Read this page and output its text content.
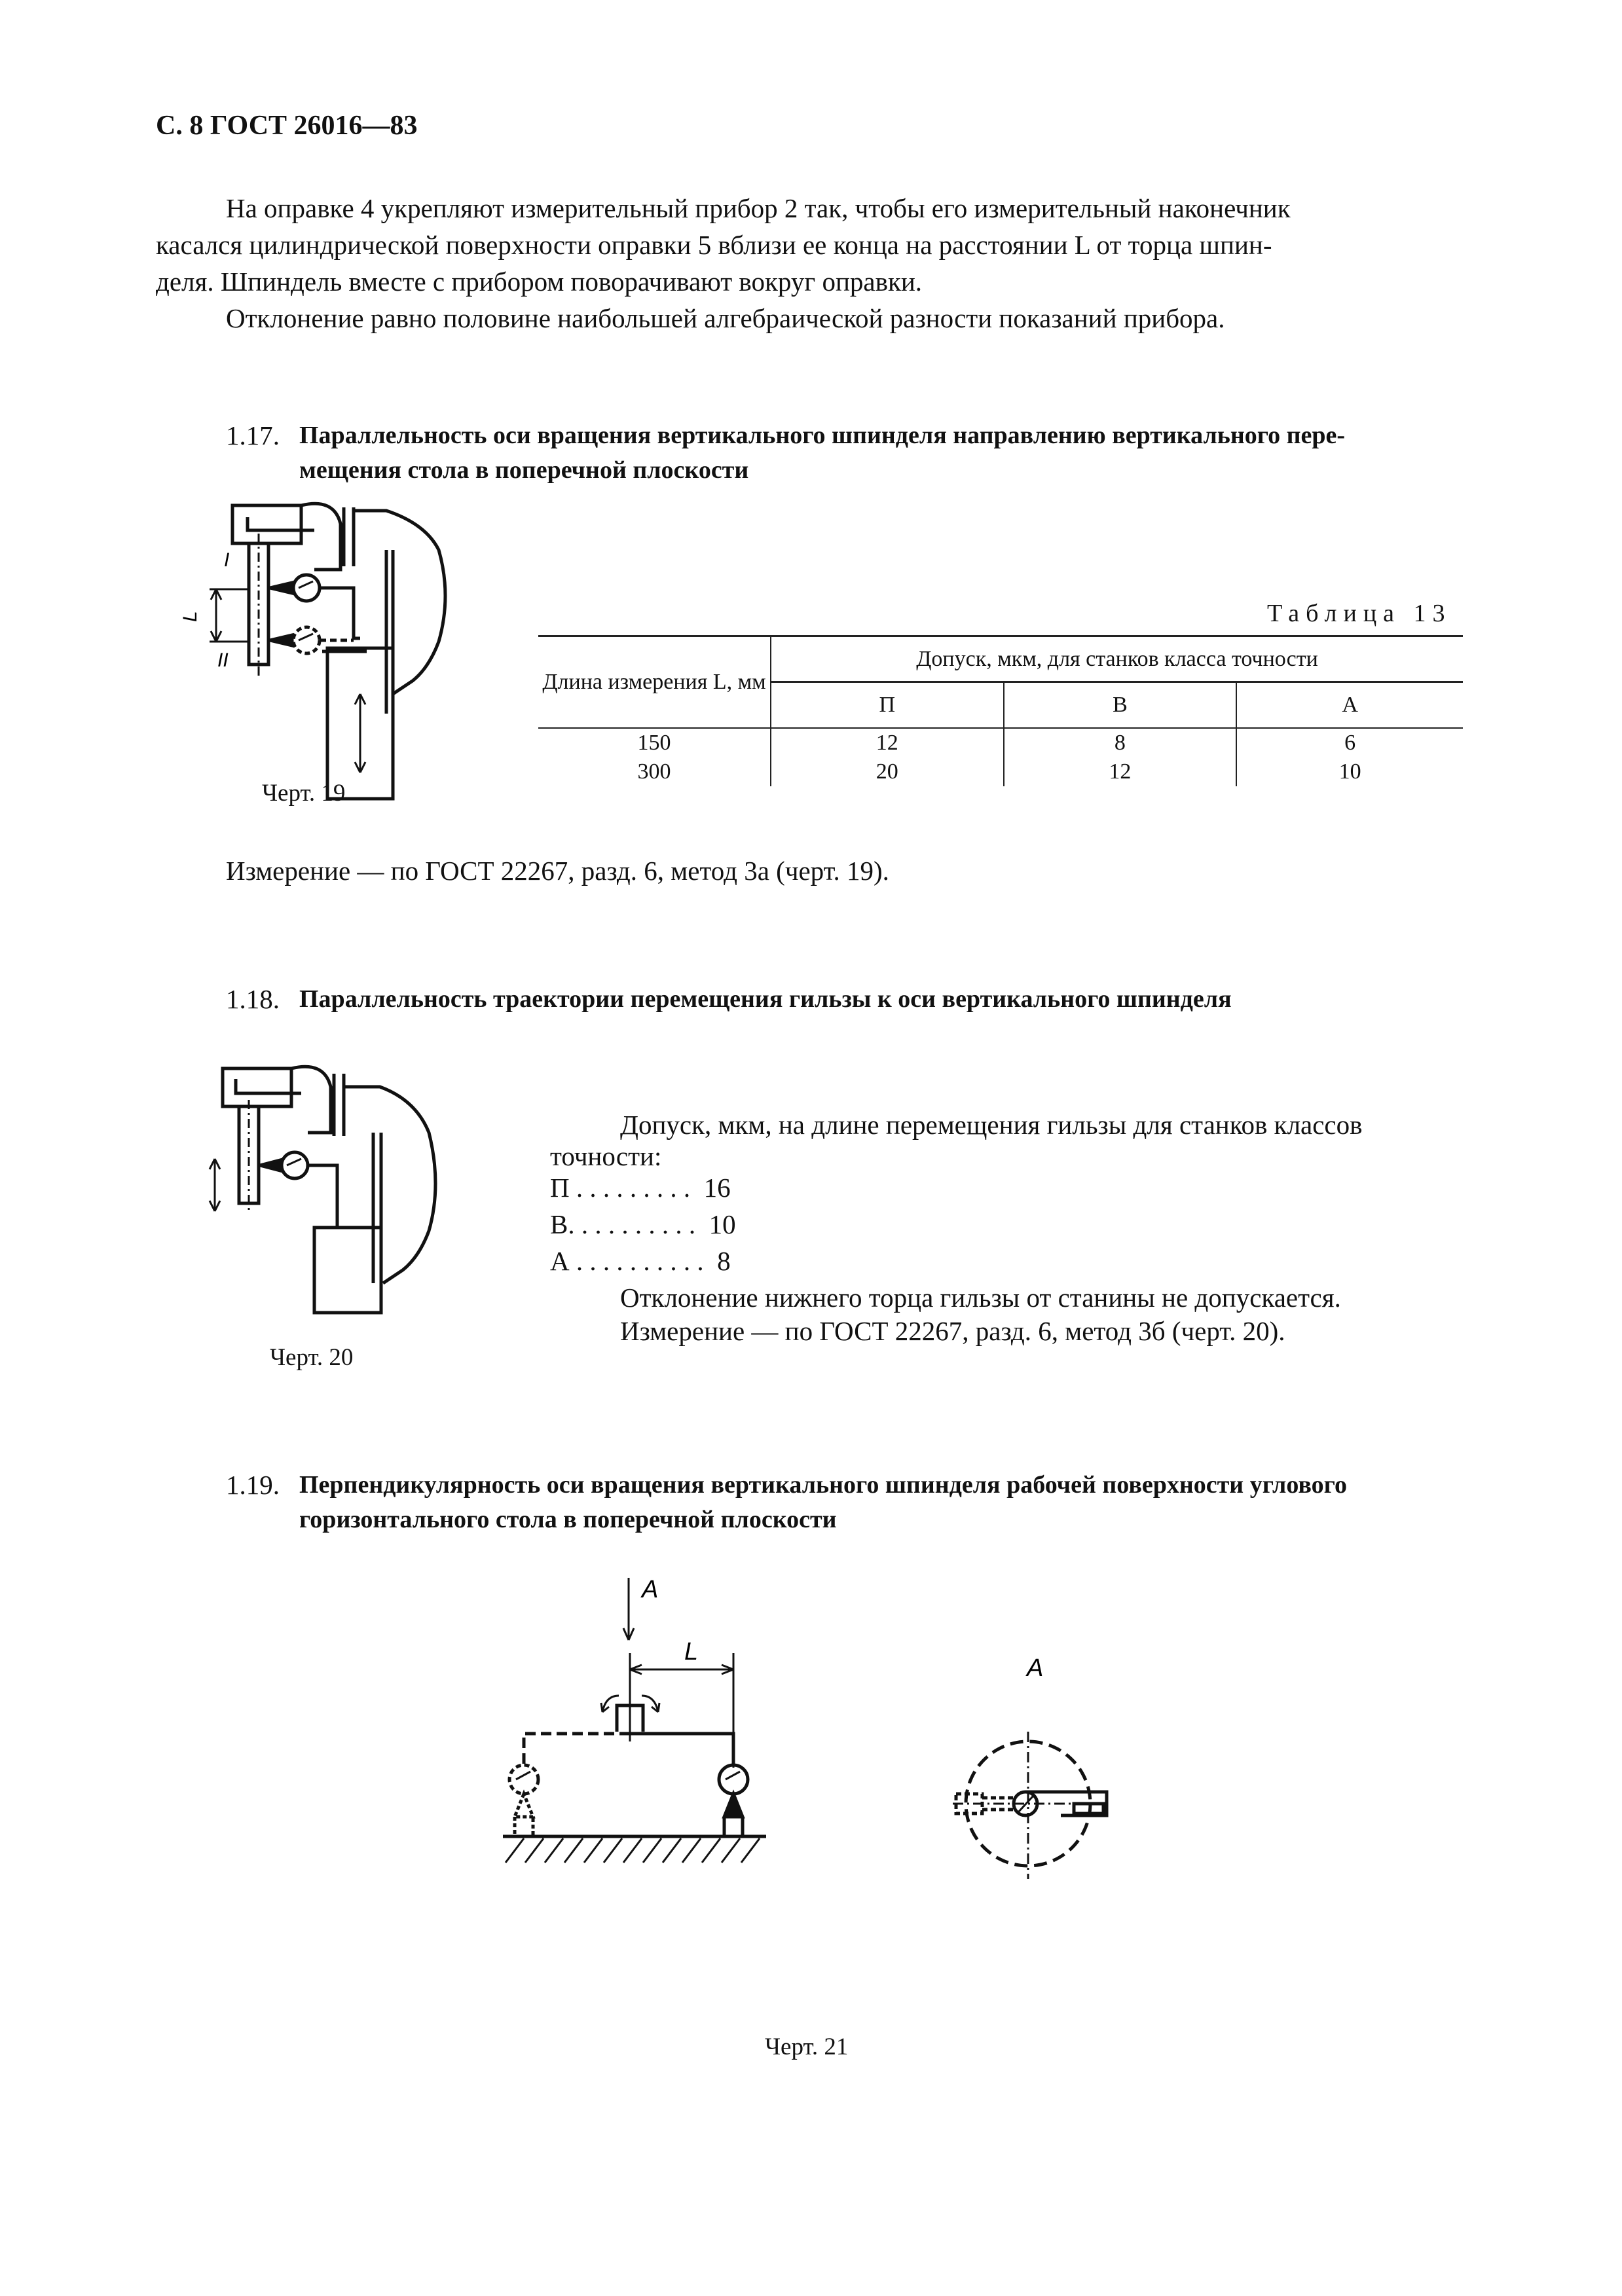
С. 8 ГОСТ 26016—83
На оправке 4 укрепляют измерительный прибор 2 так, чтобы его измерительный наконечник
касался цилиндрической поверхности оправки 5 вблизи ее конца на расстоянии L от торца шпин-
деля. Шпиндель вместе с прибором поворачивают вокруг оправки.
Отклонение равно половине наибольшей алгебраической разности показаний прибора.
1.17. Параллельность оси вращения вертикального шпинделя направлению вертикального пере-
мещения стола в поперечной плоскости
I
II
L
Черт. 19
Таблица 13
Длина измерения L, мм	Допуск, мкм, для станков класса точности		
	П	В	А
150	12	8	6
300	20	12	10
Измерение — по ГОСТ 22267, разд. 6, метод 3а (черт. 19).
1.18. Параллельность траектории перемещения гильзы к оси вертикального шпинделя
Черт. 20
Допуск, мкм, на длине перемещения гильзы для станков классов
точности:
П . . . . . . . . . 16
В. . . . . . . . . . 10
А . . . . . . . . . . 8
Отклонение нижнего торца гильзы от станины не допускается.
Измерение — по ГОСТ 22267, разд. 6, метод 3б (черт. 20).
1.19. Перпендикулярность оси вращения вертикального шпинделя рабочей поверхности углового
горизонтального стола в поперечной плоскости
А
L
А
Черт. 21
